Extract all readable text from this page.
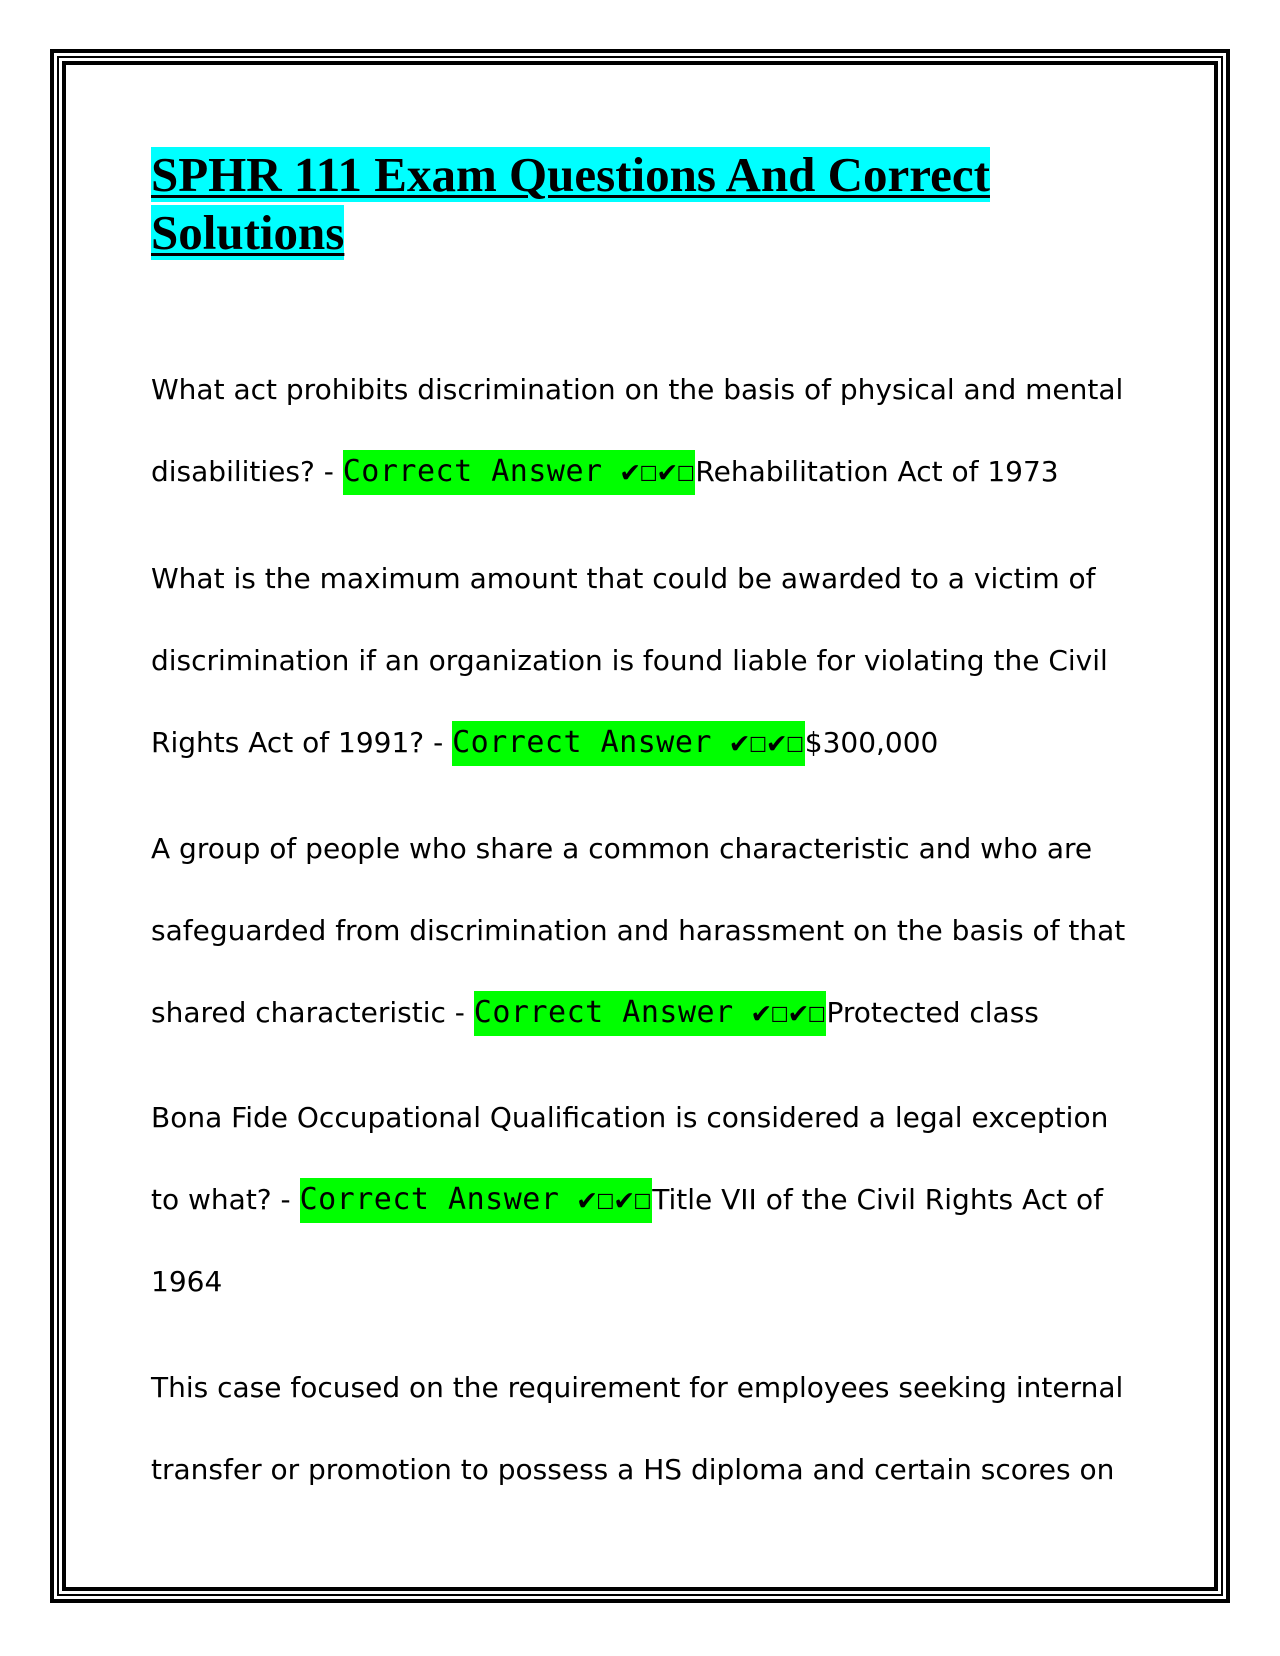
SPHR 111 Exam Questions And Correct
Solutions

What act prohibits discrimination on the basis of physical and mental disabilities? - Correct Answer ✔☐✔☐Rehabilitation Act of 1973

What is the maximum amount that could be awarded to a victim of discrimination if an organization is found liable for violating the Civil Rights Act of 1991? - Correct Answer ✔☐✔☐$300,000

A group of people who share a common characteristic and who are safeguarded from discrimination and harassment on the basis of that shared characteristic - Correct Answer ✔☐✔☐Protected class

Bona Fide Occupational Qualification is considered a legal exception to what? - Correct Answer ✔☐✔☐Title VII of the Civil Rights Act of 1964

This case focused on the requirement for employees seeking internal transfer or promotion to possess a HS diploma and certain scores on
